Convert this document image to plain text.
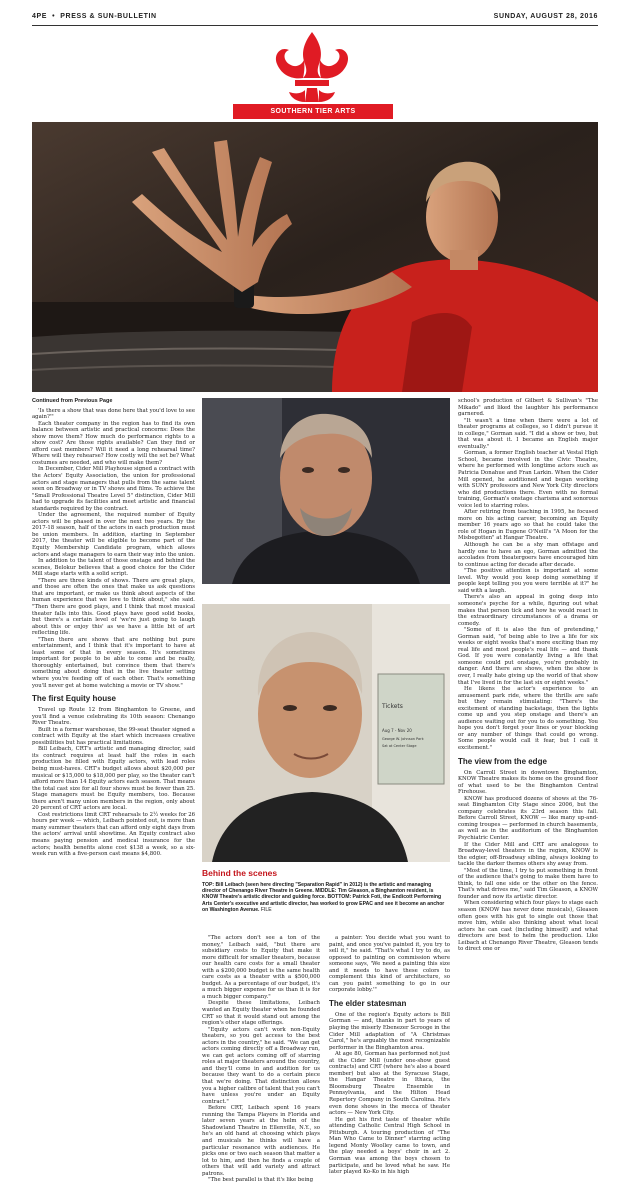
4PE  •  PRESS & SUN-BULLETIN	SUNDAY, AUGUST 28, 2016
SOUTHERN TIER ARTS
Tickets
Aug 7 - Nov 20
George W. Johnson Park
Sat at Center Stage
Behind the scenes
TOP: Bill Leibach (seen here directing "Separation Rapid" in 2012) is the artistic and managing director of Chenango River Theatre in Greene. MIDDLE: Tim Gleason, a Binghamton resident, is KNOW Theatre's artistic director and guiding force. BOTTOM: Patrick Foti, the Endicott Performing Arts Center's executive and artistic director, has worked to grow EPAC and see it become an anchor on Washington Avenue. FILE

Continued from Previous Page

'Is there a show that was done here that you'd love to see again?'"

Each theater company in the region has to find its own balance between artistic and practical concerns: Does the show move them? How much do performance rights to a show cost? Are those rights available? Can they find or afford cast members? Will it need a long rehearsal time? Where will they rehearse? How costly will the set be? What costumes are needed, and who will make them?

In December, Cider Mill Playhouse signed a contract with the Actors' Equity Association, the union for professional actors and stage managers that pulls from the same talent seen on Broadway or in TV shows and films. To achieve the "Small Professional Theatre Level 5" distinction, Cider Mill had to upgrade its facilities and meet artistic and financial standards required by the contract.

Under the agreement, the required number of Equity actors will be phased in over the next two years. By the 2017-18 season, half of the actors in each production must be union members. In addition, starting in September 2017, the theater will be eligible to become part of the Equity Membership Candidate program, which allows actors and stage managers to earn their way into the union.

In addition to the talent of those onstage and behind the scenes, Belokur believes that a good choice for the Cider Mill stage starts with a solid script.

"There are three kinds of shows. There are great plays, and those are often the ones that make us ask questions that are important, or make us think about aspects of the human experience that we love to think about," she said. "Then there are good plays, and I think that most musical theater falls into this. Good plays have good solid books, but there's a certain level of 'we're just going to laugh about this or enjoy this' as we have a little bit of art reflecting life.

"Then there are shows that are nothing but pure entertainment, and I think that it's important to have at least some of that in every season. It's sometimes important for people to be able to come and be really, thoroughly entertained, but convince them that there's something about doing that in the live theater setting where you're feeding off of each other. That's something you'll never get at home watching a movie or TV show."

The first Equity house

Travel up Route 12 from Binghamton to Greene, and you'll find a venue celebrating its 10th season: Chenango River Theatre.

Built in a former warehouse, the 99-seat theater signed a contract with Equity at the start which increases creative possibilities but has practical limitations.

Bill Leibach, CRT's artistic and managing director, said its contract requires at least half the roles in each production be filled with Equity actors, with lead roles being must-haves. CRT's budget allows about $20,000 per musical or $15,000 to $18,000 per play, so the theater can't afford more than 14 Equity actors each season. That means the total cast size for all four shows must be fewer than 25. Stage managers must be Equity members, too. Because there aren't many union members in the region, only about 20 percent of CRT actors are local.

Cost restrictions limit CRT rehearsals to 2½ weeks for 26 hours per week — which, Leibach pointed out, is more than many summer theaters that can afford only eight days from the actors' arrival until showtime. An Equity contract also means paying pension and medical insurance for the actors; health benefits alone cost $138 a week, so a six-week run with a five-person cast means $4,800.

"The actors don't see a ton of the money," Leibach said, "but there are subsidiary costs to Equity that make it more difficult for smaller theaters, because our health care costs for a small theater with a $200,000 budget is the same health care costs as a theater with a $500,000 budget. As a percentage of our budget, it's a much bigger expense for us than it is for a much bigger company."

Despite these limitations, Leibach wanted an Equity theater when he founded CRT so that it would stand out among the region's other stage offerings.

"Equity actors can't work non-Equity theaters, so you get access to the best actors in the country," he said. "We can get actors coming directly off a Broadway run, we can get actors coming off of starring roles at major theaters around the country, and they'll come in and audition for us because they want to do a certain piece that we're doing. That distinction allows you a higher calibre of talent that you can't have unless you're under an Equity contract."

Before CRT, Leibach spent 16 years running the Tampa Players in Florida and later seven years at the helm of the Shadowland Theatre in Ellenville, N.Y., so he's an old hand at choosing which plays and musicals he thinks will have a particular resonance with audiences. He picks one or two each season that matter a lot to him, and then he finds a couple of others that will add variety and attract patrons.

"The best parallel is that it's like being

a painter: You decide what you want to paint, and once you've painted it, you try to sell it," he said. "That's what I try to do, as opposed to painting on commission where someone says, 'We need a painting this size and it needs to have these colors to complement this kind of architecture, so can you paint something to go in our corporate lobby.'"

The elder statesman

One of the region's Equity actors is Bill Gorman — and, thanks in part to years of playing the miserly Ebenezer Scrooge in the Cider Mill adaptation of "A Christmas Carol," he's arguably the most recognizable performer in the Binghamton area.

At age 80, Gorman has performed not just at the Cider Mill (under one-show guest contracts) and CRT (where he's also a board member) but also at the Syracuse Stage, the Hangar Theatre in Ithaca, the Bloomsburg Theatre Ensemble in Pennsylvania, and the Hilton Head Repertory Company in South Carolina. He's even done shows in the mecca of theater actors — New York City.

He got his first taste of theater while attending Catholic Central High School in Pittsburgh. A touring production of "The Man Who Came to Dinner" starring acting legend Monty Woolley came to town, and the play needed a boys' choir in act 2. Gorman was among the boys chosen to participate, and he loved what he saw. He later played Ko-Ko in his high

school's production of Gilbert & Sullivan's "The Mikado" and liked the laughter his performance garnered.

"It wasn't a time when there were a lot of theater programs at colleges, so I didn't pursue it in college," Gorman said. "I did a show or two, but that was about it. I became an English major eventually."

Gorman, a former English teacher at Vestal High School, became involved in the Civic Theatre, where he performed with longtime actors such as Patricia Donahue and Fran Larkin. When the Cider Mill opened, he auditioned and began working with SUNY professors and New York City directors who did productions there. Even with no formal training, Gorman's onstage charisma and sonorous voice led to starring roles.

After retiring from teaching in 1995, he focused more on his acting career, becoming an Equity member 16 years ago so that he could take the role of Hogan in Eugene O'Neill's "A Moon for the Misbegotten" at Hangar Theatre.

Although he can be a shy man offstage and hardly one to have an ego, Gorman admitted the accolades from theatergoers have encouraged him to continue acting for decade after decade.

"The positive attention is important at some level. Why would you keep doing something if people kept telling you you were terrible at it?" he said with a laugh.

There's also an appeal in going deep into someone's psyche for a while, figuring out what makes that person tick and how he would react in the extraordinary circumstances of a drama or comedy.

"Some of it is also the fun of pretending," Gorman said, "of being able to live a life for six weeks or eight weeks that's more exciting than my real life and most people's real life — and thank God. If you were constantly living a life that someone could put onstage, you're probably in danger. And there are shows, when the show is over, I really hate giving up the world of that show that I've lived in for the last six or eight weeks."

He likens the actor's experience to an amusement park ride, where the thrills are safe but they remain stimulating: "There's the excitement of standing backstage, then the lights come up and you step onstage and there's an audience waiting out for you to do something. You hope you don't forget your lines or your blocking or any number of things that could go wrong. Some people would call it fear, but I call it excitement."

The view from the edge

On Carroll Street in downtown Binghamton, KNOW Theatre makes its home on the ground floor of what used to be the Binghamton Central Firehouse.

KNOW has produced dozens of shows at the 76-seat Binghamton City Stage since 2006, but the company celebrates its 23rd season this fall. Before Carroll Street, KNOW — like many up-and-coming troupes — performed in church basements, as well as in the auditorium of the Binghamton Psychiatric Center.

If the Cider Mill and CRT are analogous to Broadway-level theaters in the region, KNOW is the edgier, off-Broadway sibling, always looking to tackle the darker themes others shy away from.

"Most of the time, I try to put something in front of the audience that's going to make them have to think, to fall one side or the other on the fence. That's what drives me," said Tim Gleason, a KNOW founder and now its artistic director.

When considering which four plays to stage each season (KNOW has never done musicals), Gleason often goes with his gut to single out those that move him, while also thinking about what local actors he can cast (including himself) and what directors are best to helm the production. Like Leibach at Chenango River Theatre, Gleason tends to direct one or
